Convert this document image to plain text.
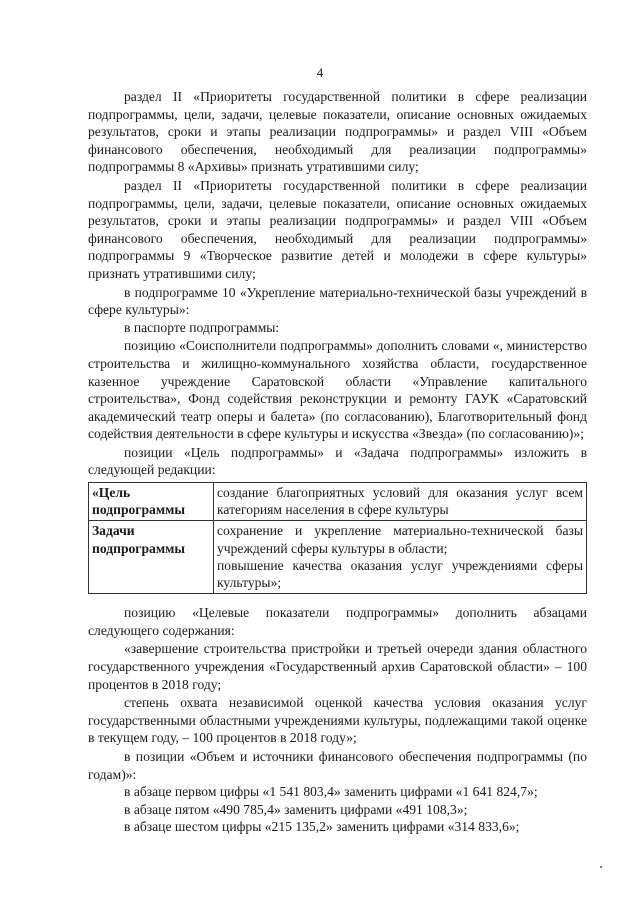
4

раздел II «Приоритеты государственной политики в сфере реализации подпрограммы, цели, задачи, целевые показатели, описание основных ожидаемых результатов, сроки и этапы реализации подпрограммы» и раздел VIII «Объем финансового обеспечения, необходимый для реализации подпрограммы» подпрограммы 8 «Архивы» признать утратившими силу;

раздел II «Приоритеты государственной политики в сфере реализации подпрограммы, цели, задачи, целевые показатели, описание основных ожидаемых результатов, сроки и этапы реализации подпрограммы» и раздел VIII «Объем финансового обеспечения, необходимый для реализации подпрограммы» подпрограммы 9 «Творческое развитие детей и молодежи в сфере культуры» признать утратившими силу;

в подпрограмме 10 «Укрепление материально-технической базы учреждений в сфере культуры»:

в паспорте подпрограммы:

позицию «Соисполнители подпрограммы» дополнить словами «, министерство строительства и жилищно-коммунального хозяйства области, государственное казенное учреждение Саратовской области «Управление капитального строительства», Фонд содействия реконструкции и ремонту ГАУК «Саратовский академический театр оперы и балета» (по согласованию), Благотворительный фонд содействия деятельности в сфере культуры и искусства «Звезда» (по согласованию)»;

позиции «Цель подпрограммы» и «Задача подпрограммы» изложить в следующей редакции:

«Цель подпрограммы	создание благоприятных условий для оказания услуг всем категориям населения в сфере культуры

Задачи подпрограммы	сохранение и укрепление материально-технической базы учреждений сферы культуры в области;
повышение качества оказания услуг учреждениями сферы культуры»;

позицию «Целевые показатели подпрограммы» дополнить абзацами следующего содержания:

«завершение строительства пристройки и третьей очереди здания областного государственного учреждения «Государственный архив Саратовской области» – 100 процентов в 2018 году;

степень охвата независимой оценкой качества условия оказания услуг государственными областными учреждениями культуры, подлежащими такой оценке в текущем году, – 100 процентов в 2018 году»;

в позиции «Объем и источники финансового обеспечения подпрограммы (по годам)»:

в абзаце первом цифры «1 541 803,4» заменить цифрами «1 641 824,7»;

в абзаце пятом «490 785,4» заменить цифрами «491 108,3»;

в абзаце шестом цифры «215 135,2» заменить цифрами «314 833,6»;
